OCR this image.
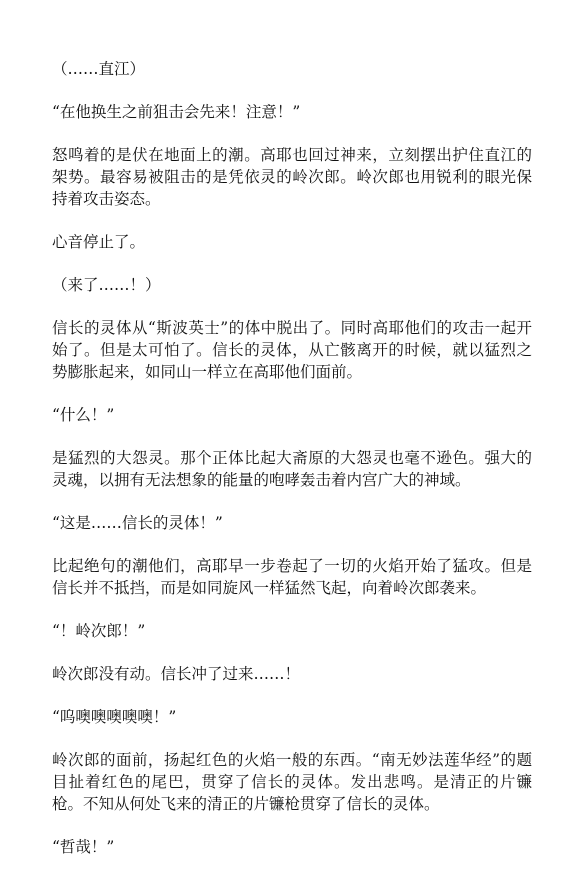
（……直江）

“在他换生之前狙击会先来！注意！”

怒鸣着的是伏在地面上的潮。高耶也回过神来，立刻摆出护住直江的架势。最容易被阻击的是凭依灵的岭次郎。岭次郎也用锐利的眼光保持着攻击姿态。

心音停止了。

（来了……！）

信长的灵体从“斯波英士”的体中脱出了。同时高耶他们的攻击一起开始了。但是太可怕了。信长的灵体，从亡骸离开的时候，就以猛烈之势膨胀起来，如同山一样立在高耶他们面前。

“什么！”

是猛烈的大怨灵。那个正体比起大斋原的大怨灵也毫不逊色。强大的灵魂，以拥有无法想象的能量的咆哮轰击着内宫广大的神域。

“这是……信长的灵体！”

比起绝句的潮他们，高耶早一步卷起了一切的火焰开始了猛攻。但是信长并不抵挡，而是如同旋风一样猛然飞起，向着岭次郎袭来。

“！岭次郎！”

岭次郎没有动。信长冲了过来……！

“呜噢噢噢噢噢！”

岭次郎的面前，扬起红色的火焰一般的东西。“南无妙法莲华经”的题目扯着红色的尾巴，贯穿了信长的灵体。发出悲鸣。是清正的片镰枪。不知从何处飞来的清正的片镰枪贯穿了信长的灵体。

“哲哉！”
